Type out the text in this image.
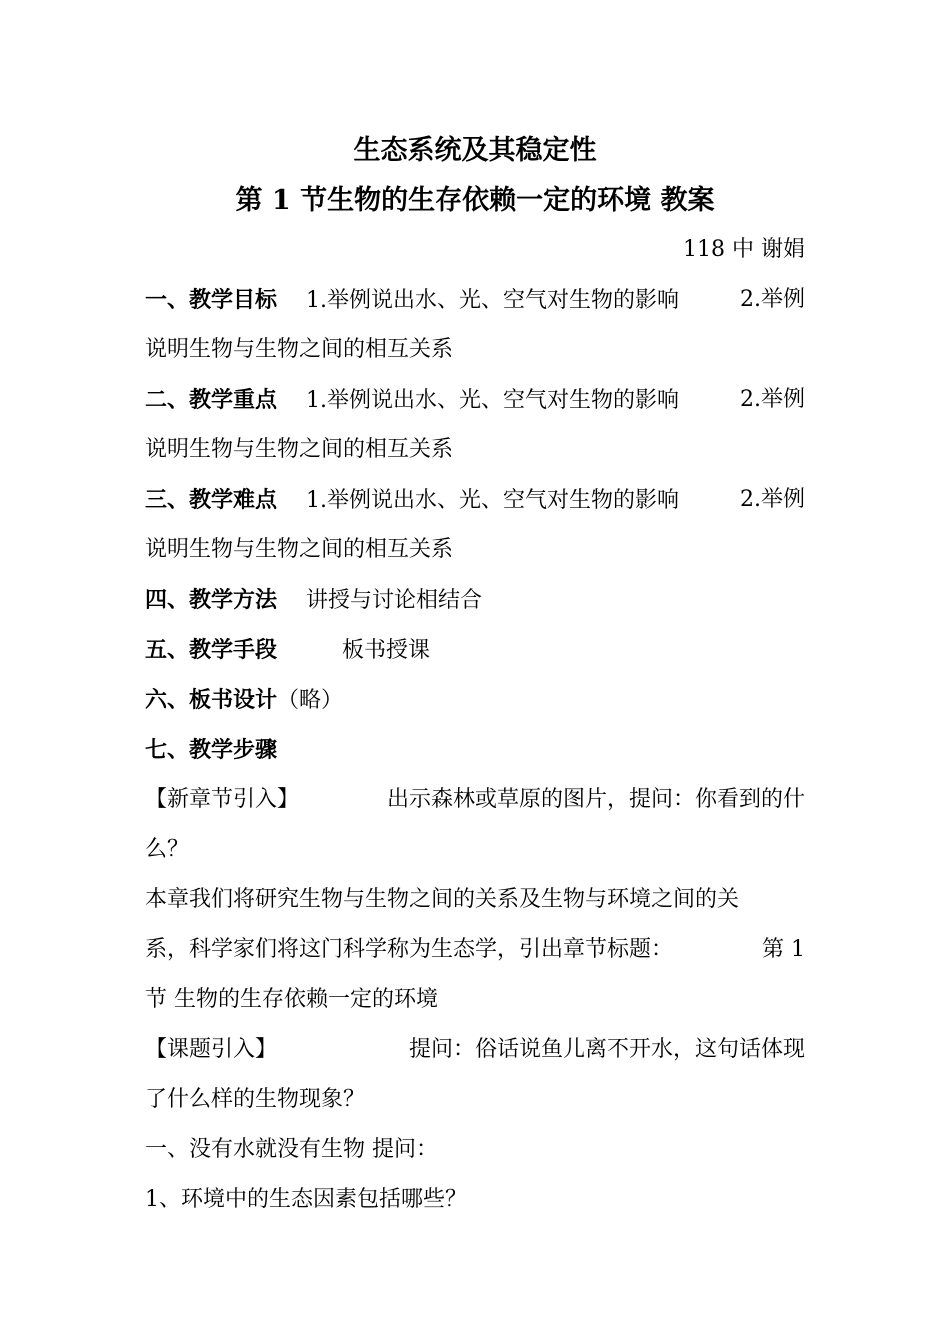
生态系统及其稳定性
第 1 节生物的生存依赖一定的环境 教案
118 中 谢娟
一、教学目标 1.举例说出水、光、空气对生物的影响	2.举例
说明生物与生物之间的相互关系
二、教学重点 1.举例说出水、光、空气对生物的影响	2.举例
说明生物与生物之间的相互关系
三、教学难点 1.举例说出水、光、空气对生物的影响	2.举例
说明生物与生物之间的相互关系
四、教学方法 讲授与讨论相结合
五、教学手段	板书授课
六、板书设计（略）
七、教学步骤
【新章节引入】	出示森林或草原的图片，提问：你看到的什
么？
本章我们将研究生物与生物之间的关系及生物与环境之间的关
系，科学家们将这门科学称为生态学，引出章节标题：	第 1
节 生物的生存依赖一定的环境
【课题引入】	提问：俗话说鱼儿离不开水，这句话体现
了什么样的生物现象？
一、没有水就没有生物 提问：
1、环境中的生态因素包括哪些？
